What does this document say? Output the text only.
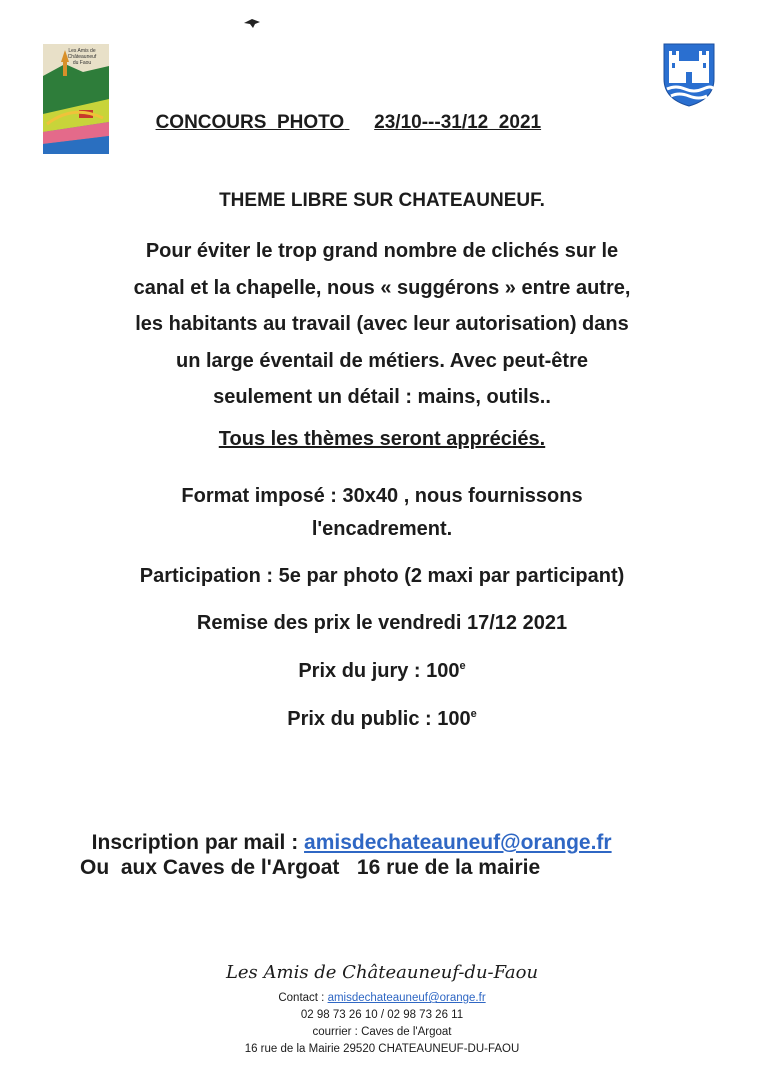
Les Amis de
Châteauneuf
du Faou

CONCOURS  PHOTO 23/10---31/12  2021

THEME LIBRE SUR CHATEAUNEUF.
Pour éviter le trop grand nombre de clichés sur le
canal et la chapelle, nous « suggérons » entre autre,
les habitants au travail (avec leur autorisation) dans
un large éventail de métiers. Avec peut-être
seulement un détail : mains, outils..
Tous les thèmes seront appréciés.
Format imposé : 30x40 , nous fournissons
l'encadrement.
Participation : 5e par photo (2 maxi par participant)
Remise des prix le vendredi 17/12 2021
Prix du jury : 100e
Prix du public : 100e

Inscription par mail : amisdechateauneuf@orange.fr

Ou  aux Caves de l'Argoat   16 rue de la mairie
Les Amis de Châteauneuf-du-Faou
Contact : amisdechateauneuf@orange.fr
02 98 73 26 10 / 02 98 73 26 11
courrier : Caves de l'Argoat
16 rue de la Mairie 29520 CHATEAUNEUF-DU-FAOU
